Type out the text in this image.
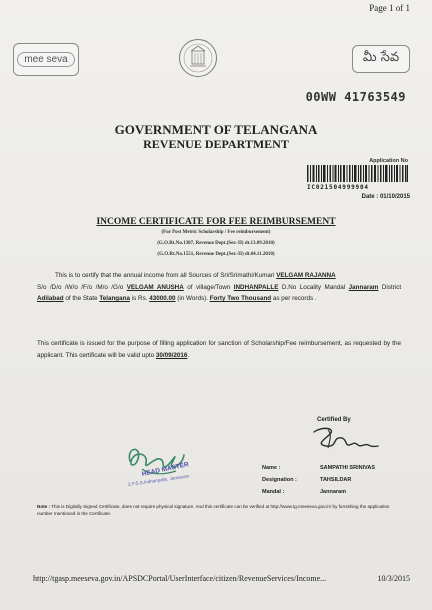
Page 1 of 1
mee seva	మీ సేవ
00WW 41763549
GOVERNMENT OF TELANGANA
REVENUE DEPARTMENT
Application No
IC021504999904
Date : 01/10/2015
INCOME CERTIFICATE FOR FEE REIMBURSEMENT
(For Post Metric Scholarship / Fee reimbursement)
(G.O.Rt.No.1307, Revenue Dept.(Ser.-II) dt.13.09.2010)
(G.O.Rt.No.1551, Revenue Dept.(Ser.-II) dt.04.11.2010)
This is to certify that the annual income from all Sources of Sri/Srimathi/Kumari VELGAM RAJANNA
S/o /D/o /W/o /F/o /M/o /G/o VELGAM ANUSHA of village/Town INDHANPALLE D.No Locality Mandal Jannaram District Adilabad of the State Telangana is Rs. 43000.00 (in Words). Forty Two Thousand as per records .
This certificate is issued for the purpose of filling application for sanction of Scholarship/Fee reimbursement, as requested by the applicant. This certificate will be valid upto 30/09/2016.
Certified By
Name :	SAMPATHI SRINIVAS
Designation :	TAHSILDAR
Mandal :	Jannaram
HEAD MASTER
Z.P.S.S.Indhanpalle, Jannaram
Note : This is Digitally Signed Certificate, does not require physical signature. And this certificate can be verified at http://www.tg.meeseva.gov.in/ by furnishing the application number mentioned in the Certificate.
http://tgasp.meeseva.gov.in/APSDCPortal/UserInterface/citizen/RevenueServices/Income...	10/3/2015
